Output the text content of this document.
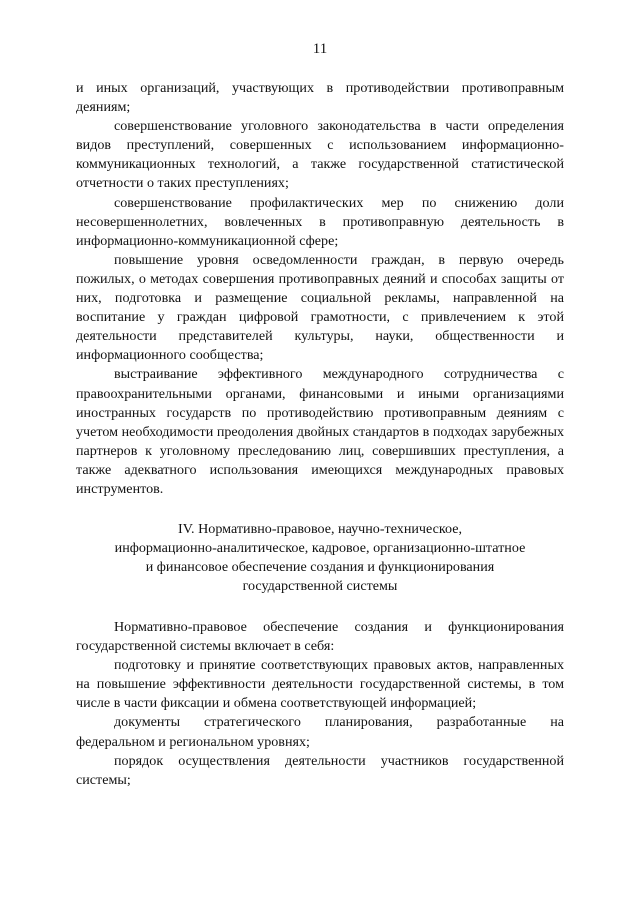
11

и иных организаций, участвующих в противодействии противоправным деяниям;

совершенствование уголовного законодательства в части определения видов преступлений, совершенных с использованием информационно-коммуникационных технологий, а также государственной статистической отчетности о таких преступлениях;

совершенствование профилактических мер по снижению доли несовершеннолетних, вовлеченных в противоправную деятельность в информационно-коммуникационной сфере;

повышение уровня осведомленности граждан, в первую очередь пожилых, о методах совершения противоправных деяний и способах защиты от них, подготовка и размещение социальной рекламы, направленной на воспитание у граждан цифровой грамотности, с привлечением к этой деятельности представителей культуры, науки, общественности и информационного сообщества;

выстраивание эффективного международного сотрудничества с правоохранительными органами, финансовыми и иными организациями иностранных государств по противодействию противоправным деяниям с учетом необходимости преодоления двойных стандартов в подходах зарубежных партнеров к уголовному преследованию лиц, совершивших преступления, а также адекватного использования имеющихся международных правовых инструментов.

IV. Нормативно-правовое, научно-техническое,
информационно-аналитическое, кадровое, организационно-штатное
и финансовое обеспечение создания и функционирования
государственной системы

Нормативно-правовое обеспечение создания и функционирования государственной системы включает в себя:

подготовку и принятие соответствующих правовых актов, направленных на повышение эффективности деятельности государственной системы, в том числе в части фиксации и обмена соответствующей информацией;

документы стратегического планирования, разработанные на федеральном и региональном уровнях;

порядок осуществления деятельности участников государственной системы;
